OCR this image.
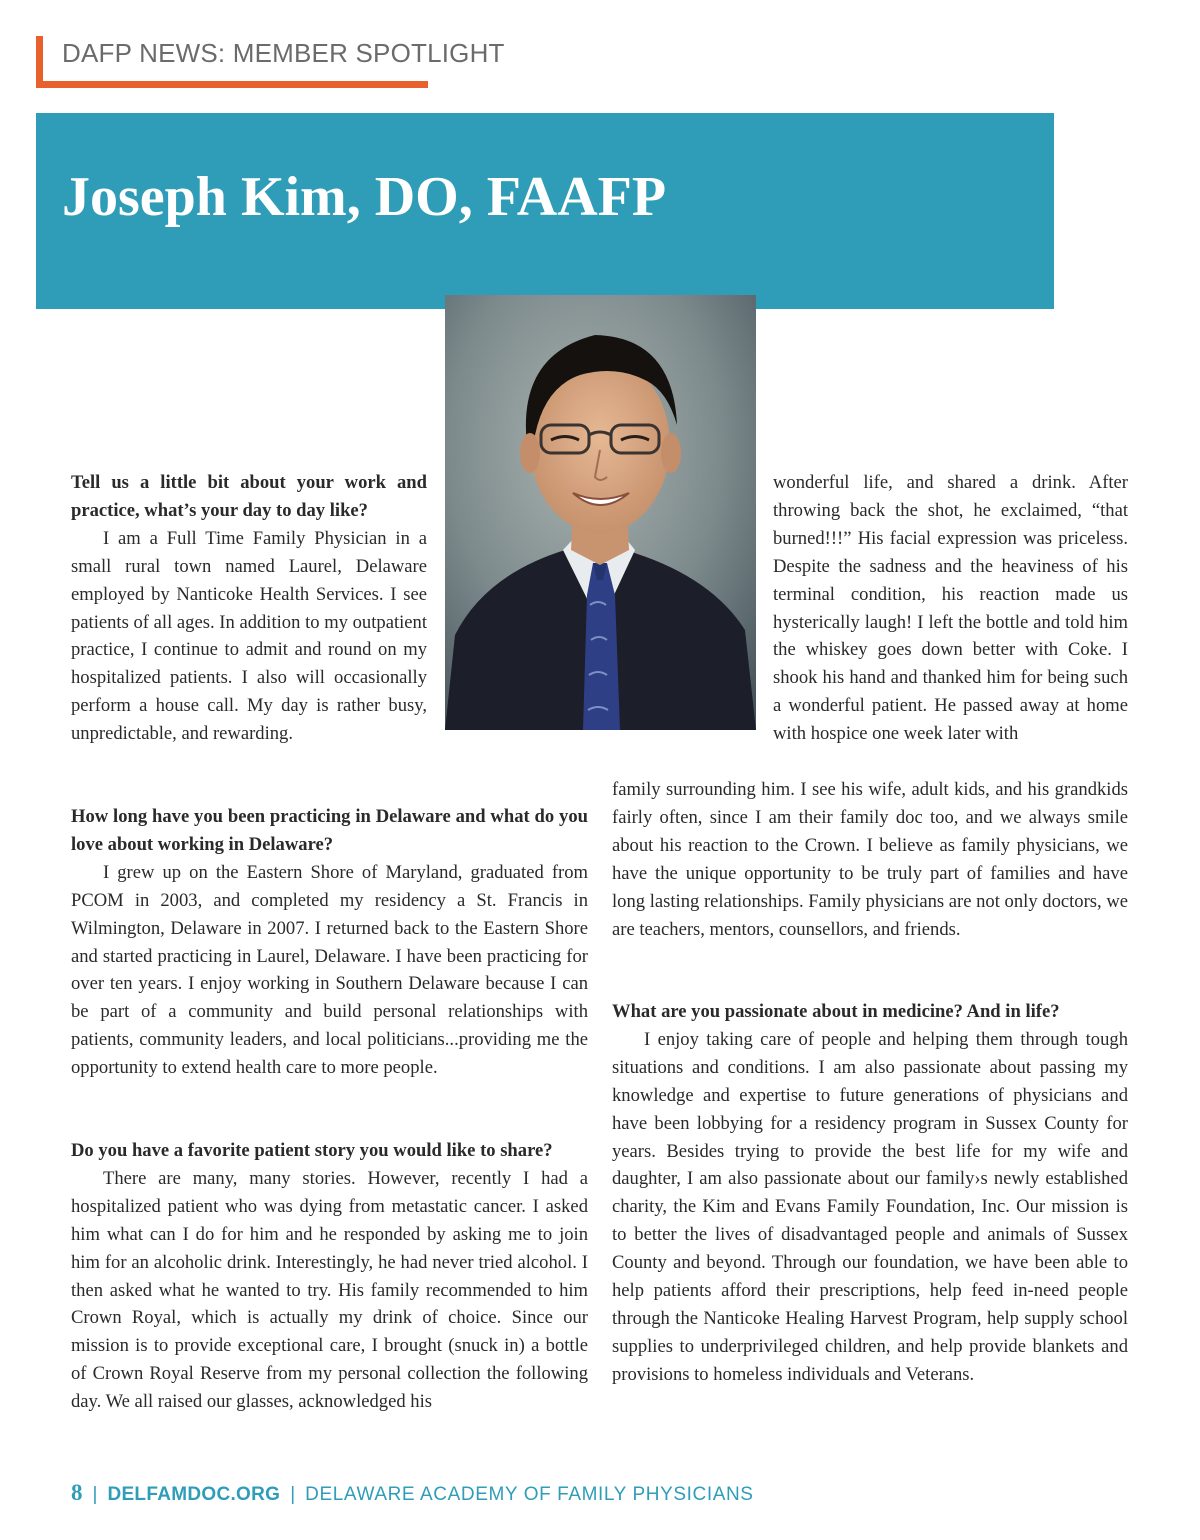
DAFP NEWS: MEMBER SPOTLIGHT
Joseph Kim, DO, FAAFP
Tell us a little bit about your work and practice, what’s your day to day like?
I am a Full Time Family Physician in a small rural town named Laurel, Delaware employed by Nanticoke Health Services. I see patients of all ages. In addition to my outpatient practice, I continue to admit and round on my hospitalized patients. I also will occasionally perform a house call. My day is rather busy, unpredictable, and rewarding.
How long have you been practicing in Delaware and what do you love about working in Delaware?
I grew up on the Eastern Shore of Maryland, graduated from PCOM in 2003, and completed my residency a St. Francis in Wilmington, Delaware in 2007. I returned back to the Eastern Shore and started practicing in Laurel, Delaware. I have been practicing for over ten years. I enjoy working in Southern Delaware because I can be part of a community and build personal relationships with patients, community leaders, and local politicians...providing me the opportunity to extend health care to more people.
Do you have a favorite patient story you would like to share?
There are many, many stories. However, recently I had a hospitalized patient who was dying from metastatic cancer. I asked him what can I do for him and he responded by asking me to join him for an alcoholic drink. Interestingly, he had never tried alcohol. I then asked what he wanted to try. His family recommended to him Crown Royal, which is actually my drink of choice. Since our mission is to provide exceptional care, I brought (snuck in) a bottle of Crown Royal Reserve from my personal collection the following day. We all raised our glasses, acknowledged his
wonderful life, and shared a drink. After throwing back the shot, he exclaimed, “that burned!!!” His facial expression was priceless. Despite the sadness and the heaviness of his terminal condition, his reaction made us hysterically laugh! I left the bottle and told him the whiskey goes down better with Coke. I shook his hand and thanked him for being such a wonderful patient. He passed away at home with hospice one week later with
family surrounding him. I see his wife, adult kids, and his grandkids fairly often, since I am their family doc too, and we always smile about his reaction to the Crown. I believe as family physicians, we have the unique opportunity to be truly part of families and have long lasting relationships. Family physicians are not only doctors, we are teachers, mentors, counsellors, and friends.
What are you passionate about in medicine? And in life?
I enjoy taking care of people and helping them through tough situations and conditions. I am also passionate about passing my knowledge and expertise to future generations of physicians and have been lobbying for a residency program in Sussex County for years. Besides trying to provide the best life for my wife and daughter, I am also passionate about our family›s newly established charity, the Kim and Evans Family Foundation, Inc. Our mission is to better the lives of disadvantaged people and animals of Sussex County and beyond. Through our foundation, we have been able to help patients afford their prescriptions, help feed in-need people through the Nanticoke Healing Harvest Program, help supply school supplies to underprivileged children, and help provide blankets and provisions to homeless individuals and Veterans.
8 | DELFAMDOC.ORG | DELAWARE ACADEMY OF FAMILY PHYSICIANS
